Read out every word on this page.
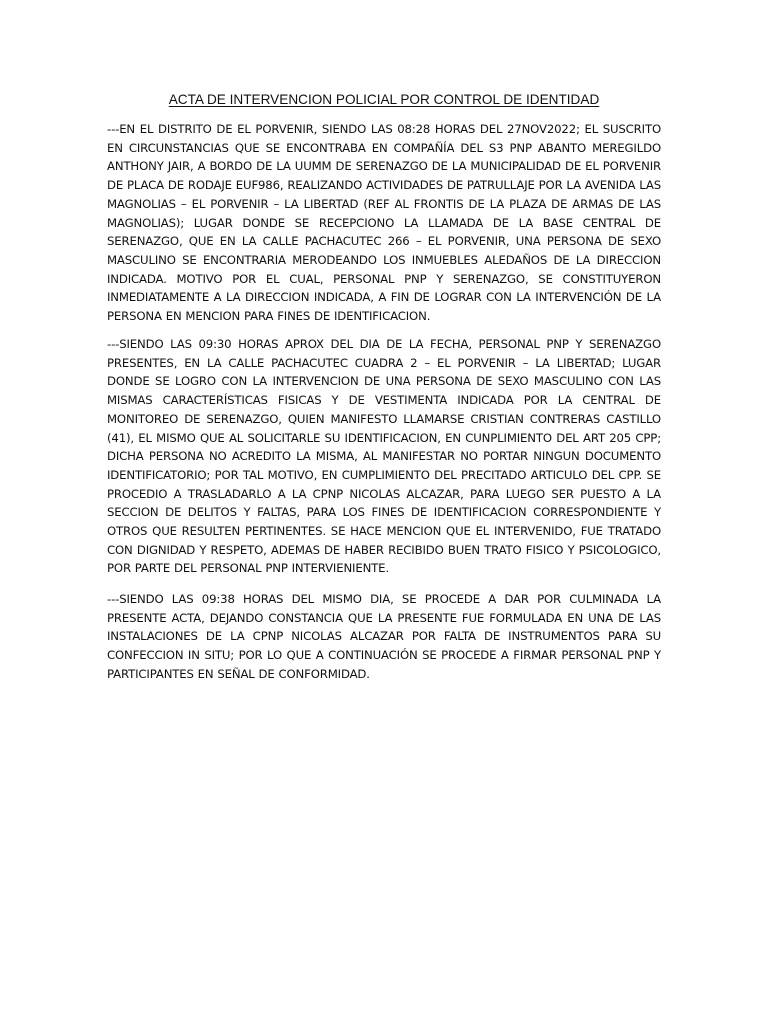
ACTA DE INTERVENCION POLICIAL POR CONTROL DE IDENTIDAD

---EN EL DISTRITO DE EL PORVENIR, SIENDO LAS 08:28 HORAS DEL 27NOV2022; EL SUSCRITO EN CIRCUNSTANCIAS QUE SE ENCONTRABA EN COMPAÑÍA DEL S3 PNP ABANTO MEREGILDO ANTHONY JAIR, A BORDO DE LA UUMM DE SERENAZGO DE LA MUNICIPALIDAD DE EL PORVENIR DE PLACA DE RODAJE EUF986, REALIZANDO ACTIVIDADES DE PATRULLAJE POR LA AVENIDA LAS MAGNOLIAS – EL PORVENIR – LA LIBERTAD (REF AL FRONTIS DE LA PLAZA DE ARMAS DE LAS MAGNOLIAS); LUGAR DONDE SE RECEPCIONO LA LLAMADA DE LA BASE CENTRAL DE SERENAZGO, QUE EN LA CALLE PACHACUTEC 266 – EL PORVENIR, UNA PERSONA DE SEXO MASCULINO SE ENCONTRARIA MERODEANDO LOS INMUEBLES ALEDAÑOS DE LA DIRECCION INDICADA. MOTIVO POR EL CUAL, PERSONAL PNP Y SERENAZGO, SE CONSTITUYERON INMEDIATAMENTE A LA DIRECCION INDICADA, A FIN DE LOGRAR CON LA INTERVENCIÓN DE LA PERSONA EN MENCION PARA FINES DE IDENTIFICACION.

---SIENDO LAS 09:30 HORAS APROX DEL DIA DE LA FECHA, PERSONAL PNP Y SERENAZGO PRESENTES, EN LA CALLE PACHACUTEC CUADRA 2 – EL PORVENIR – LA LIBERTAD; LUGAR DONDE SE LOGRO CON LA INTERVENCION DE UNA PERSONA DE SEXO MASCULINO CON LAS MISMAS CARACTERÍSTICAS FISICAS Y DE VESTIMENTA INDICADA POR LA CENTRAL DE MONITOREO DE SERENAZGO, QUIEN MANIFESTO LLAMARSE CRISTIAN CONTRERAS CASTILLO (41), EL MISMO QUE AL SOLICITARLE SU IDENTIFICACION, EN CUNPLIMIENTO DEL ART 205 CPP; DICHA PERSONA NO ACREDITO LA MISMA, AL MANIFESTAR NO PORTAR NINGUN DOCUMENTO IDENTIFICATORIO; POR TAL MOTIVO, EN CUMPLIMIENTO DEL PRECITADO ARTICULO DEL CPP. SE PROCEDIO A TRASLADARLO A LA CPNP NICOLAS ALCAZAR, PARA LUEGO SER PUESTO A LA SECCION DE DELITOS Y FALTAS, PARA LOS FINES DE IDENTIFICACION CORRESPONDIENTE Y OTROS QUE RESULTEN PERTINENTES. SE HACE MENCION QUE EL INTERVENIDO, FUE TRATADO CON DIGNIDAD Y RESPETO, ADEMAS DE HABER RECIBIDO BUEN TRATO FISICO Y PSICOLOGICO, POR PARTE DEL PERSONAL PNP INTERVIENIENTE.

---SIENDO LAS 09:38 HORAS DEL MISMO DIA, SE PROCEDE A DAR POR CULMINADA LA PRESENTE ACTA, DEJANDO CONSTANCIA QUE LA PRESENTE FUE FORMULADA EN UNA DE LAS INSTALACIONES DE LA CPNP NICOLAS ALCAZAR POR FALTA DE INSTRUMENTOS PARA SU CONFECCION IN SITU; POR LO QUE A CONTINUACIÓN SE PROCEDE A FIRMAR PERSONAL PNP Y PARTICIPANTES EN SEÑAL DE CONFORMIDAD.
